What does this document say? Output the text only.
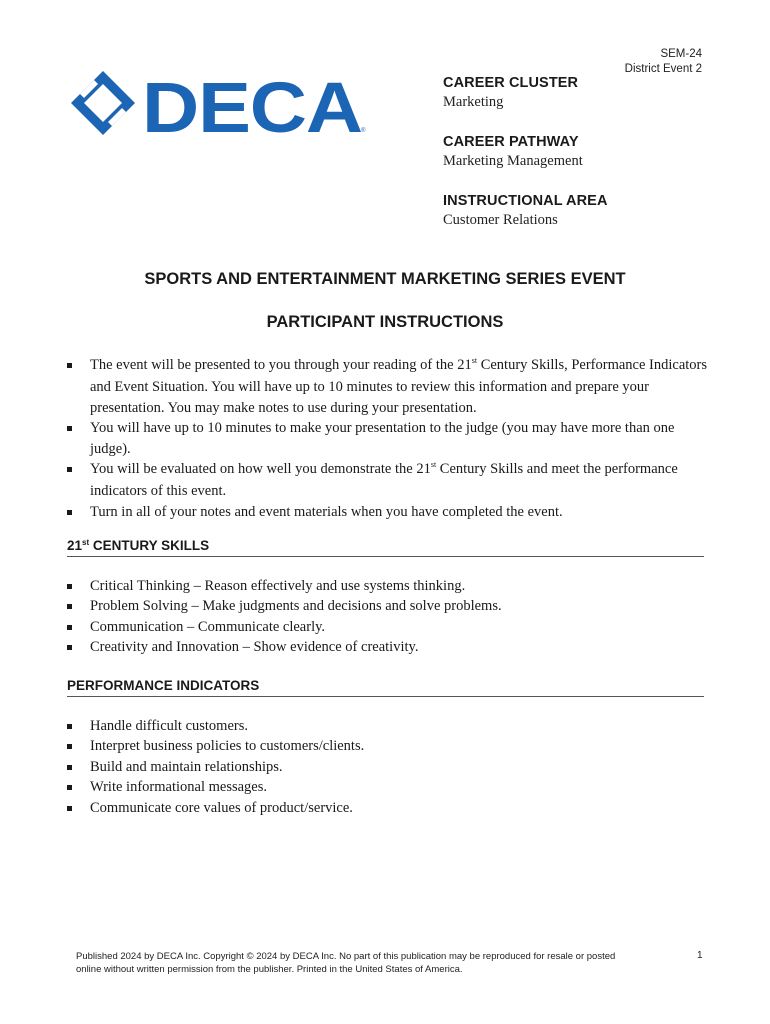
SEM-24
District Event 2
DECA ®
CAREER CLUSTER
Marketing
CAREER PATHWAY
Marketing Management
INSTRUCTIONAL AREA
Customer Relations
SPORTS AND ENTERTAINMENT MARKETING SERIES EVENT
PARTICIPANT INSTRUCTIONS
The event will be presented to you through your reading of the 21st Century Skills, Performance Indicators and Event Situation. You will have up to 10 minutes to review this information and prepare your presentation. You may make notes to use during your presentation.
You will have up to 10 minutes to make your presentation to the judge (you may have more than one judge).
You will be evaluated on how well you demonstrate the 21st Century Skills and meet the performance indicators of this event.
Turn in all of your notes and event materials when you have completed the event.
21st CENTURY SKILLS
Critical Thinking – Reason effectively and use systems thinking.
Problem Solving – Make judgments and decisions and solve problems.
Communication – Communicate clearly.
Creativity and Innovation – Show evidence of creativity.
PERFORMANCE INDICATORS
Handle difficult customers.
Interpret business policies to customers/clients.
Build and maintain relationships.
Write informational messages.
Communicate core values of product/service.
Published 2024 by DECA Inc. Copyright © 2024 by DECA Inc. No part of this publication may be reproduced for resale or posted
online without written permission from the publisher. Printed in the United States of America.
1
